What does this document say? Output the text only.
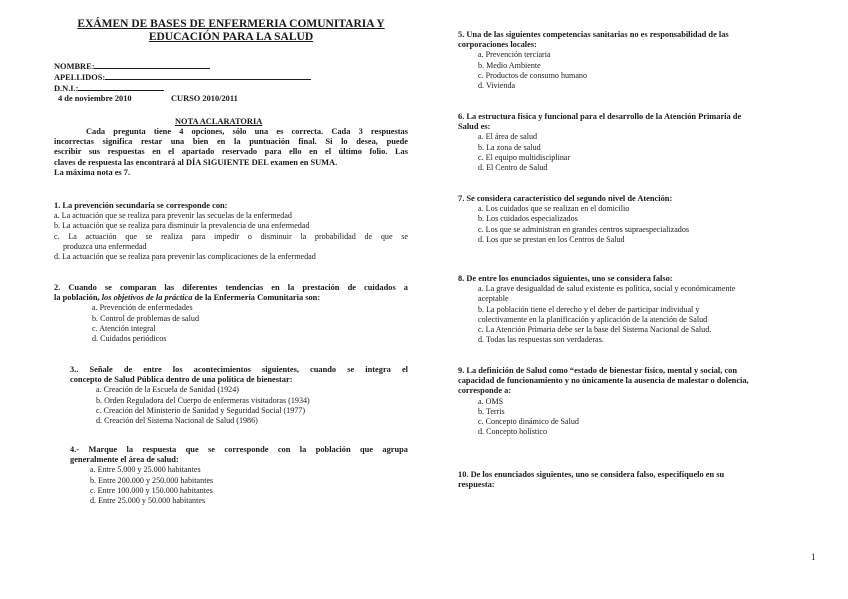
EXÁMEN DE BASES DE ENFERMERIA COMUNITARIA Y
EDUCACIÓN PARA LA SALUD
NOMBRE:
APELLIDOS:
D.N.I.:
4 de noviembre 2010	CURSO 2010/2011
NOTA ACLARATORIA
Cada pregunta tiene 4 opciones, sólo una es correcta. Cada 3 respuestas
incorrectas significa restar una bien en la puntuación final. Si lo desea, puede
escribir sus respuestas en el apartado reservado para ello en el último folio. Las
claves de respuesta las encontrará al DÍA SIGUIENTE DEL examen en SUMA.
La máxima nota es 7.
1. La prevención secundaria se corresponde con:
a. La actuación que se realiza para prevenir las secuelas de la enfermedad
b. La actuación que se realiza para disminuir la prevalencia de una enfermedad
c. La actuación que se realiza para impedir o disminuir la probabilidad de que se
produzca una enfermedad
d. La actuación que se realiza para prevenir las complicaciones de la enfermedad
2. Cuando se comparan las diferentes tendencias en la prestación de cuidados a
la población, los objetivos de la práctica de la Enfermería Comunitaria son:
a. Prevención de enfermedades
b. Control de problemas de salud
c. Atención integral
d. Cuidados periódicos
3.. Señale de entre los acontecimientos siguientes, cuando se integra el
concepto de Salud Pública dentro de una política de bienestar:
a. Creación de la Escuela de Sanidad (1924)
b. Orden Reguladora del Cuerpo de enfermeras visitadoras (1934)
c. Creación del Ministerio de Sanidad y Seguridad Social (1977)
d. Creación del Sistema Nacional de Salud (1986)
4.- Marque la respuesta que se corresponde con la población que agrupa
generalmente el área de salud:
a. Entre 5.000 y 25.000 habitantes
b. Entre 200.000 y 250.000 habitantes
c. Entre 100.000 y 150.000 habitantes
d. Entre 25.000 y 50.000 habitantes
5. Una de las siguientes competencias sanitarias no es responsabilidad de las
corporaciones locales:
a. Prevención terciaria
b. Medio Ambiente
c. Productos de consumo humano
d. Vivienda
6. La estructura física y funcional para el desarrollo de la Atención Primaria de
Salud es:
a. El área de salud
b. La zona de salud
c. El equipo multidisciplinar
d. El Centro de Salud
7. Se considera característico del segundo nivel de Atención:
a. Los cuidados que se realizan en el domicilio
b. Los cuidados especializados
c. Los que se administran en grandes centros supraespecializados
d. Los que se prestan en los Centros de Salud
8. De entre los enunciados siguientes, uno se considera falso:
a. La grave desigualdad de salud existente es política, social y económicamente
aceptable
b. La población tiene el derecho y el deber de participar individual y
colectivamente en la planificación y aplicación de la atención de Salud
c. La Atención Primaria debe ser la base del Sistema Nacional de Salud.
d. Todas las respuestas son verdaderas.
9. La definición de Salud como “estado de bienestar físico, mental y social, con
capacidad de funcionamiento y no únicamente la ausencia de malestar o dolencia,
corresponde a:
a. OMS
b. Terris
c. Concepto dinámico de Salud
d. Concepto holístico
10. De los enunciados siguientes, uno se considera falso, especifíquelo en su
respuesta:
1
